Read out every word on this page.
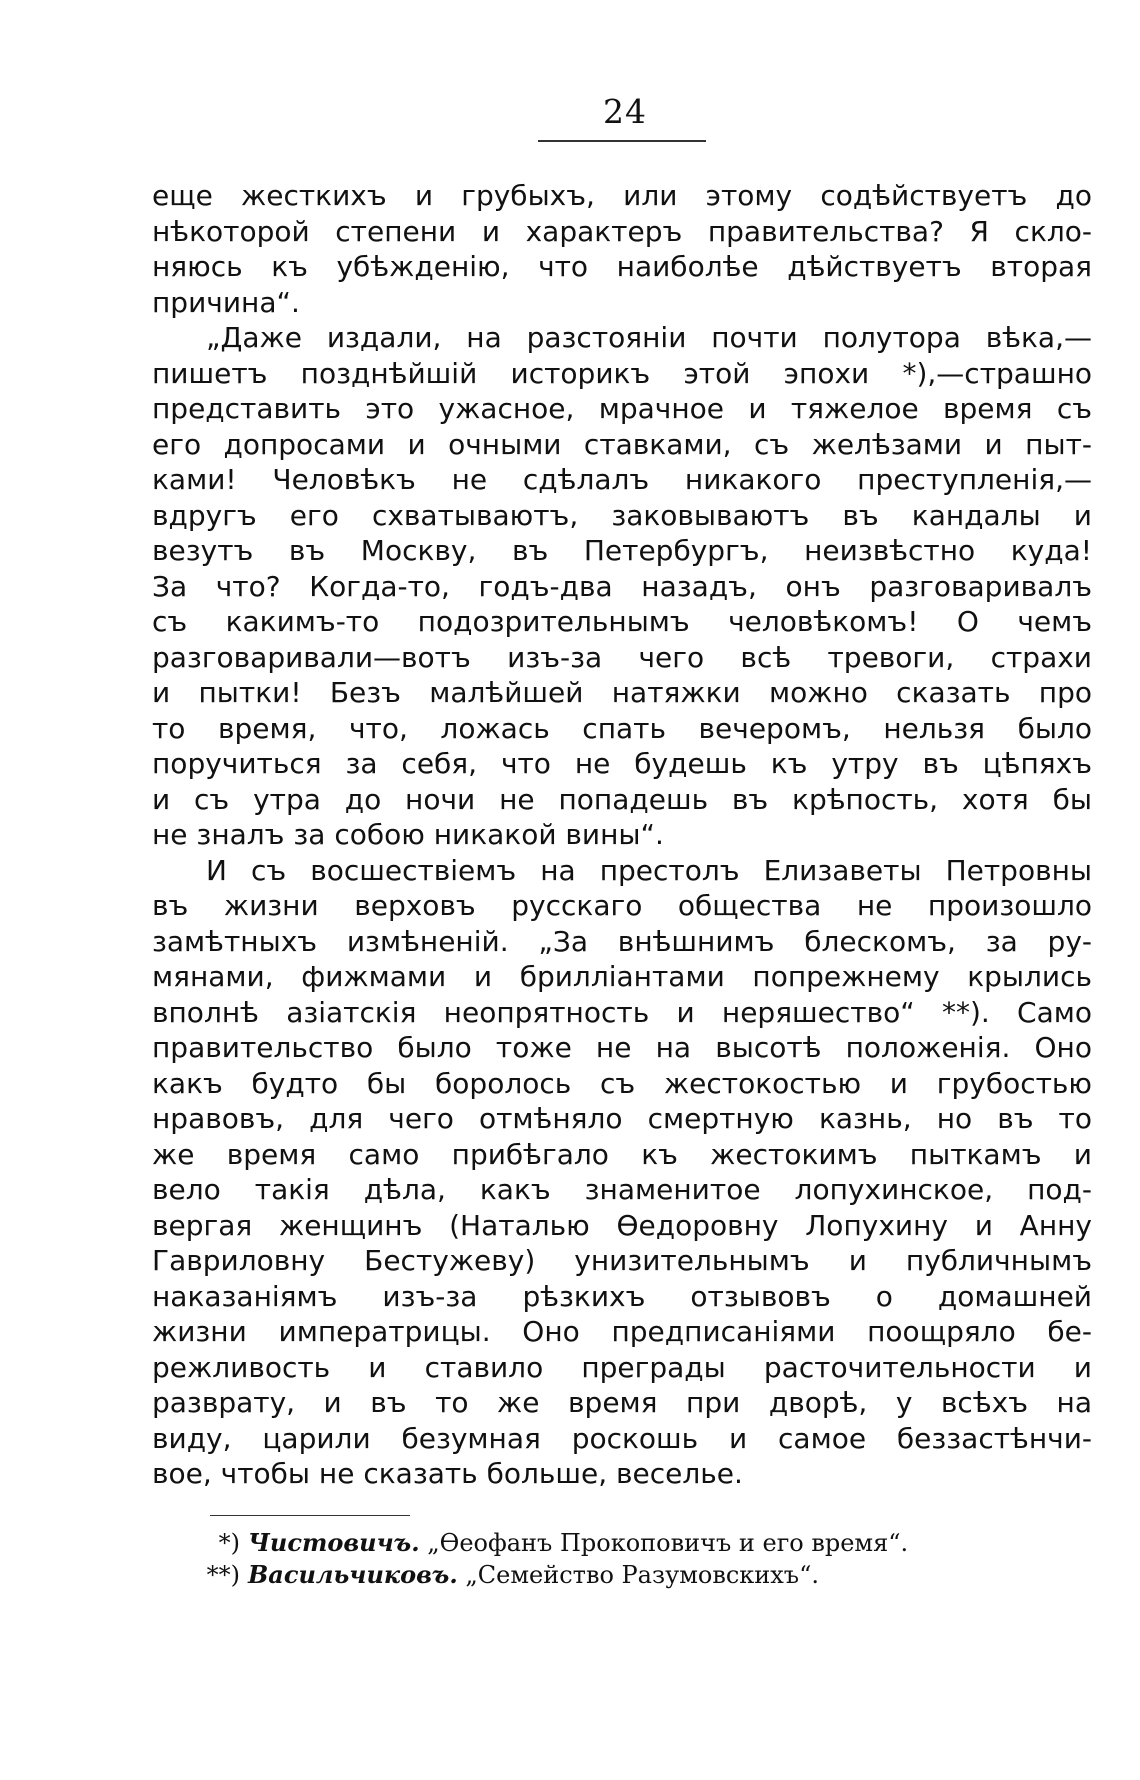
24
еще жесткихъ и грубыхъ, или этому содѣйствуетъ до
нѣкоторой степени и характеръ правительства? Я скло-
няюсь къ убѣжденію, что наиболѣе дѣйствуетъ вторая
причина“.
„Даже издали, на разстояніи почти полутора вѣка,—
пишетъ позднѣйшій историкъ этой эпохи *),—страшно
представить это ужасное, мрачное и тяжелое время съ
его допросами и очными ставками, съ желѣзами и пыт-
ками! Человѣкъ не сдѣлалъ никакого преступленія,—
вдругъ его схватываютъ, заковываютъ въ кандалы и
везутъ въ Москву, въ Петербургъ, неизвѣстно куда!
За что? Когда-то, годъ-два назадъ, онъ разговаривалъ
съ какимъ-то подозрительнымъ человѣкомъ! О чемъ
разговаривали—вотъ изъ-за чего всѣ тревоги, страхи
и пытки! Безъ малѣйшей натяжки можно сказать про
то время, что, ложась спать вечеромъ, нельзя было
поручиться за себя, что не будешь къ утру въ цѣпяхъ
и съ утра до ночи не попадешь въ крѣпость, хотя бы
не зналъ за собою никакой вины“.
И съ восшествіемъ на престолъ Елизаветы Петровны
въ жизни верховъ русскаго общества не произошло
замѣтныхъ измѣненій. „За внѣшнимъ блескомъ, за ру-
мянами, фижмами и брилліантами попрежнему крылись
вполнѣ азіатскія неопрятность и неряшество“ **). Само
правительство было тоже не на высотѣ положенія. Оно
какъ будто бы боролось съ жестокостью и грубостью
нравовъ, для чего отмѣняло смертную казнь, но въ то
же время само прибѣгало къ жестокимъ пыткамъ и
вело такія дѣла, какъ знаменитое лопухинское, под-
вергая женщинъ (Наталью Ѳедоровну Лопухину и Анну
Гавриловну Бестужеву) унизительнымъ и публичнымъ
наказаніямъ изъ-за рѣзкихъ отзывовъ о домашней
жизни императрицы. Оно предписаніями поощряло бе-
режливость и ставило преграды расточительности и
разврату, и въ то же время при дворѣ, у всѣхъ на
виду, царили безумная роскошь и самое беззастѣнчи-
вое, чтобы не сказать больше, веселье.
*) Чистовичъ. „Ѳеофанъ Прокоповичъ и его время“.
**) Васильчиковъ. „Семейство Разумовскихъ“.
